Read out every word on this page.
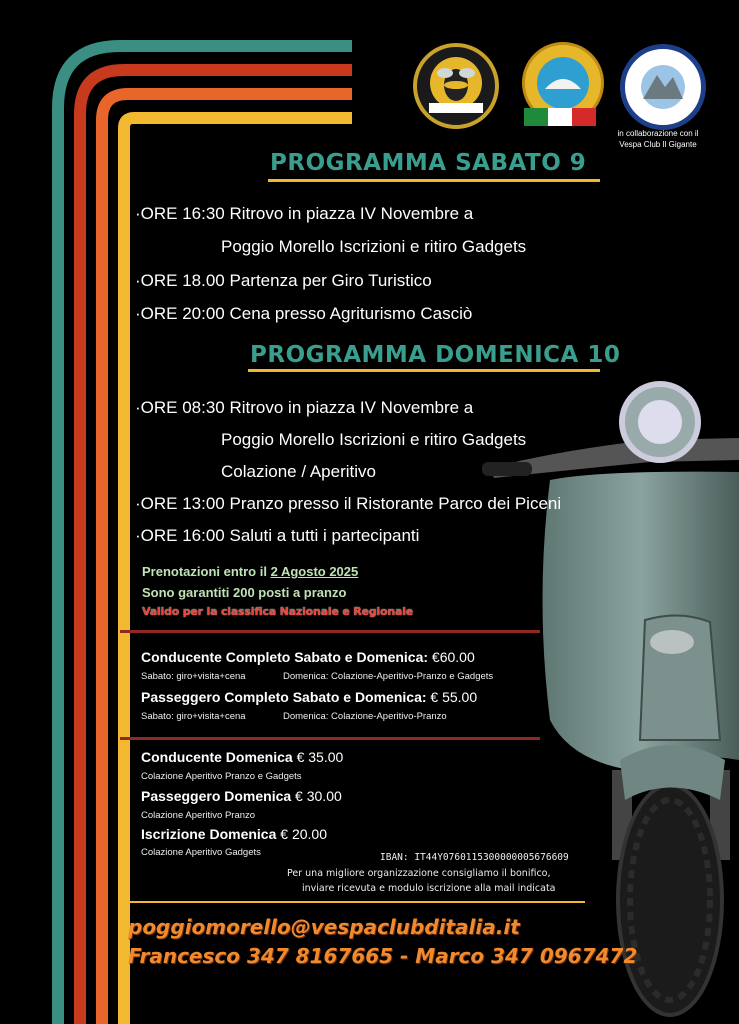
in collaborazione con il
Vespa Club Il Gigante
PROGRAMMA SABATO 9
·ORE 16:30 Ritrovo in piazza IV Novembre a
Poggio Morello Iscrizioni e ritiro Gadgets
·ORE 18.00 Partenza per Giro Turistico
·ORE 20:00 Cena presso Agriturismo Casciò
PROGRAMMA DOMENICA 10
·ORE 08:30 Ritrovo in piazza IV Novembre a
Poggio Morello Iscrizioni e ritiro Gadgets
Colazione / Aperitivo
·ORE 13:00 Pranzo presso il Ristorante Parco dei Piceni
·ORE 16:00 Saluti a tutti i partecipanti
Prenotazioni entro il 2 Agosto 2025
Sono garantiti 200 posti a pranzo
Valido per la classifica Nazionale e Regionale
Conducente Completo Sabato e Domenica: €60.00
Sabato: giro+visita+cena	Domenica: Colazione-Aperitivo-Pranzo e Gadgets
Passeggero Completo Sabato e Domenica: € 55.00
Sabato: giro+visita+cena	Domenica: Colazione-Aperitivo-Pranzo
Conducente Domenica € 35.00
Colazione Aperitivo Pranzo e Gadgets
Passeggero Domenica € 30.00
Colazione Aperitivo Pranzo
Iscrizione Domenica € 20.00
Colazione Aperitivo Gadgets	IBAN: IT44Y0760115300000005676609
Per una migliore organizzazione consigliamo il bonifico,
inviare ricevuta e modulo iscrizione alla mail indicata
poggiomorello@vespaclubditalia.it
Francesco 347 8167665 - Marco 347 0967472
